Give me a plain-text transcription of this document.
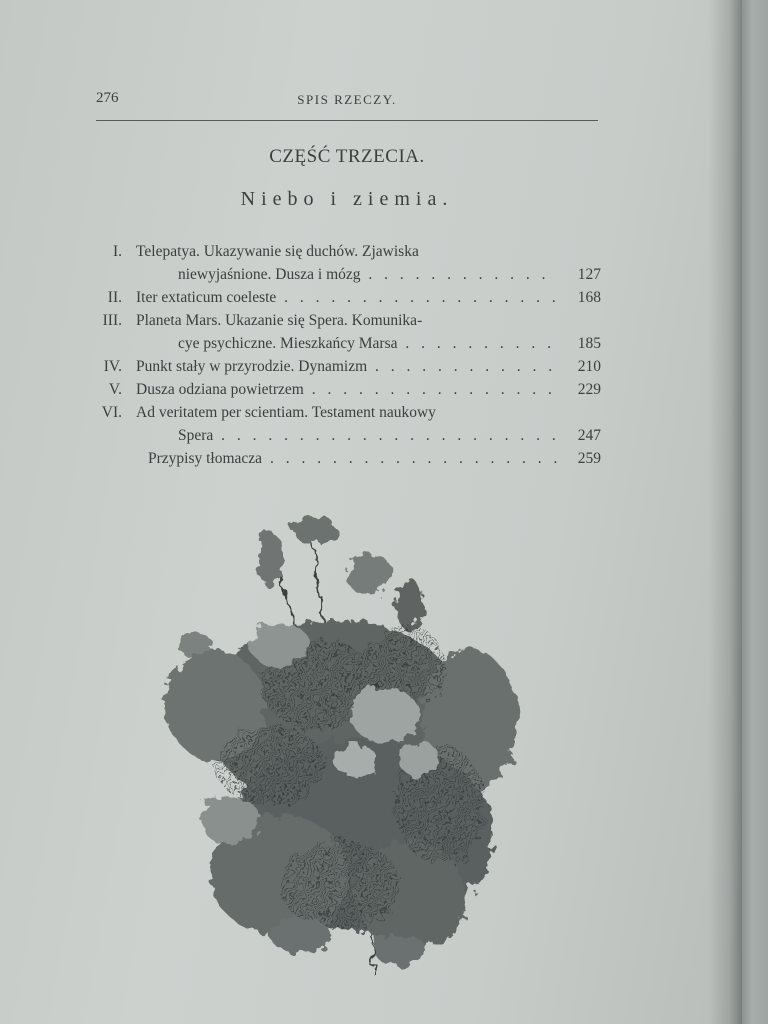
276	SPIS RZECZY.
CZĘŚĆ TRZECIA.
Niebo i ziemia.
I. Telepatya. Ukazywanie się duchów. Zjawiska
niewyjaśnione. Dusza i mózg . . .	127
II. Iter extaticum coeleste . . .	168
III. Planeta Mars. Ukazanie się Spera. Komunika-
cye psychiczne. Mieszkańcy Marsa . . .	185
IV. Punkt stały w przyrodzie. Dynamizm . . .	210
V. Dusza odziana powietrzem . . .	229
VI. Ad veritatem per scientiam. Testament naukowy
Spera . . .	247
Przypisy tłomacza . . .	259
